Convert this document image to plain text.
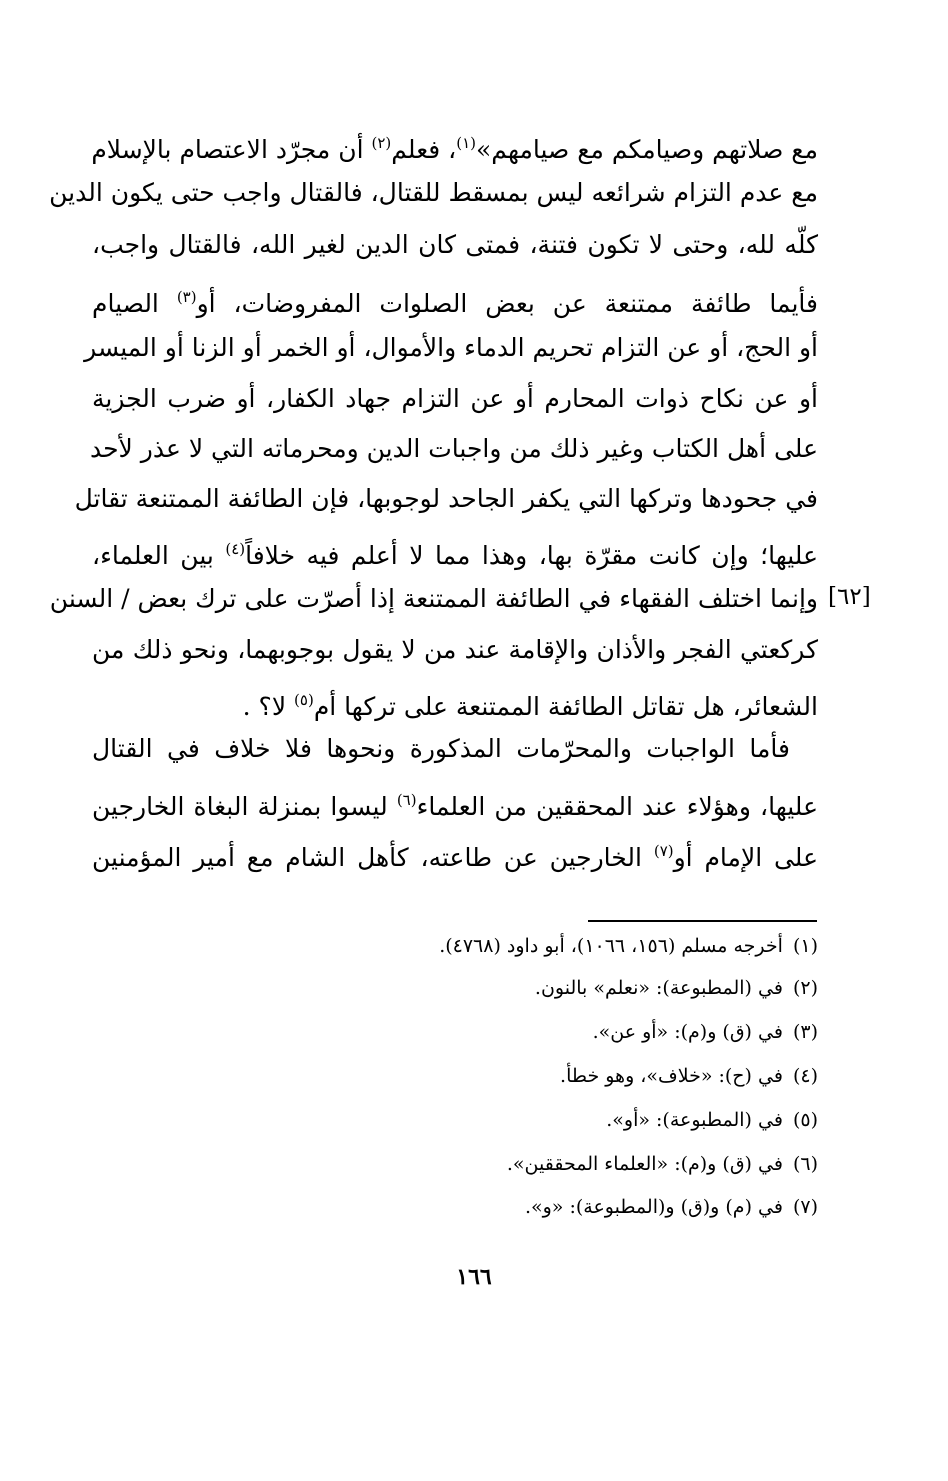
مع صلاتهم وصيامكم مع صيامهم»$^{(١)}$، فعلم$^{(٢)}$ أن مجرّد الاعتصام بالإسلام
مع عدم التزام شرائعه ليس بمسقط للقتال، فالقتال واجب حتى يكون الدين
كلّه لله، وحتى لا تكون فتنة، فمتى كان الدين لغير الله، فالقتال واجب،
فأيما طائفة ممتنعة عن بعض الصلوات المفروضات، أو$^{(٣)}$ الصيام
أو الحج، أو عن التزام تحريم الدماء والأموال، أو الخمر أو الزنا أو الميسر
أو عن نكاح ذوات المحارم أو عن التزام جهاد الكفار، أو ضرب الجزية
على أهل الكتاب وغير ذلك من واجبات الدين ومحرماته التي لا عذر لأحد
في جحودها وتركها التي يكفر الجاحد لوجوبها، فإن الطائفة الممتنعة تقاتل
عليها؛ وإن كانت مقرّة بها، وهذا مما لا أعلم فيه خلافاً$^{(٤)}$ بين العلماء،
وإنما اختلف الفقهاء في الطائفة الممتنعة إذا أصرّت على ترك بعض / السنن
كركعتي الفجر والأذان والإقامة عند من لا يقول بوجوبهما، ونحو ذلك من
الشعائر، هل تقاتل الطائفة الممتنعة على تركها أم$^{(٥)}$ لا؟ .
[٦٢]
فأما الواجبات والمحرّمات المذكورة ونحوها فلا خلاف في القتال
عليها، وهؤلاء عند المحققين من العلماء$^{(٦)}$ ليسوا بمنزلة البغاة الخارجين
على الإمام أو$^{(٧)}$ الخارجين عن طاعته، كأهل الشام مع أمير المؤمنين
(١)أخرجه مسلم (١٥٦، ١٠٦٦)، أبو داود (٤٧٦٨).
(٢)في (المطبوعة): «نعلم» بالنون.
(٣)في (ق) و(م): «أو عن».
(٤)في (ح): «خلاف»، وهو خطأ.
(٥)في (المطبوعة): «أو».
(٦)في (ق) و(م): «العلماء المحققين».
(٧)في (م) و(ق) و(المطبوعة): «و».
١٦٦
